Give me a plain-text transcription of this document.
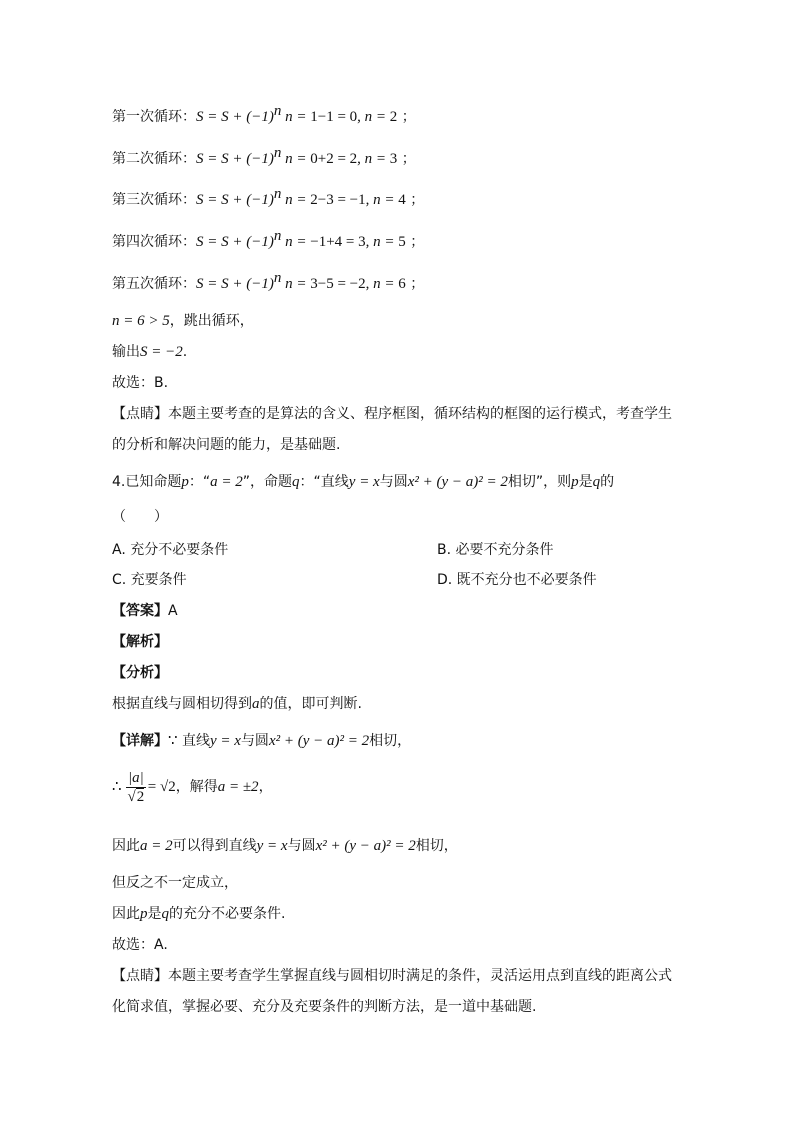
第一次循环：$S = S + (-1)^n$ n = 1−1 = 0, n = 2 ；
第二次循环：$S = S + (-1)^n$ n = 0+2 = 2, n = 3 ；
第三次循环：$S = S + (-1)^n$ n = 2−3 = −1, n = 4 ；
第四次循环：$S = S + (-1)^n$ n = −1+4 = 3, n = 5 ；
第五次循环：$S = S + (-1)^n$ n = 3−5 = −2, n = 6 ；
n = 6 > 5，跳出循环，
输出S = −2.
故选：B.
【点睛】本题主要考查的是算法的含义、程序框图，循环结构的框图的运行模式，考查学生
的分析和解决问题的能力，是基础题.
4.已知命题p：“a = 2”，命题q：“直线y = x与圆x² + (y − a)² = 2相切”，则p是q的
（　　）
A. 充分不必要条件	B. 必要不充分条件
C. 充要条件	D. 既不充分也不必要条件
【答案】A
【解析】
【分析】
根据直线与圆相切得到a的值，即可判断.
【详解】∵ 直线y = x与圆x² + (y − a)² = 2相切，
∴ $\frac{|a|}{√2} = √2$，解得a = ±2，
因此a = 2可以得到直线y = x与圆x² + (y − a)² = 2相切，
但反之不一定成立，
因此p是q的充分不必要条件.
故选：A.
【点睛】本题主要考查学生掌握直线与圆相切时满足的条件，灵活运用点到直线的距离公式
化简求值，掌握必要、充分及充要条件的判断方法，是一道中基础题.
